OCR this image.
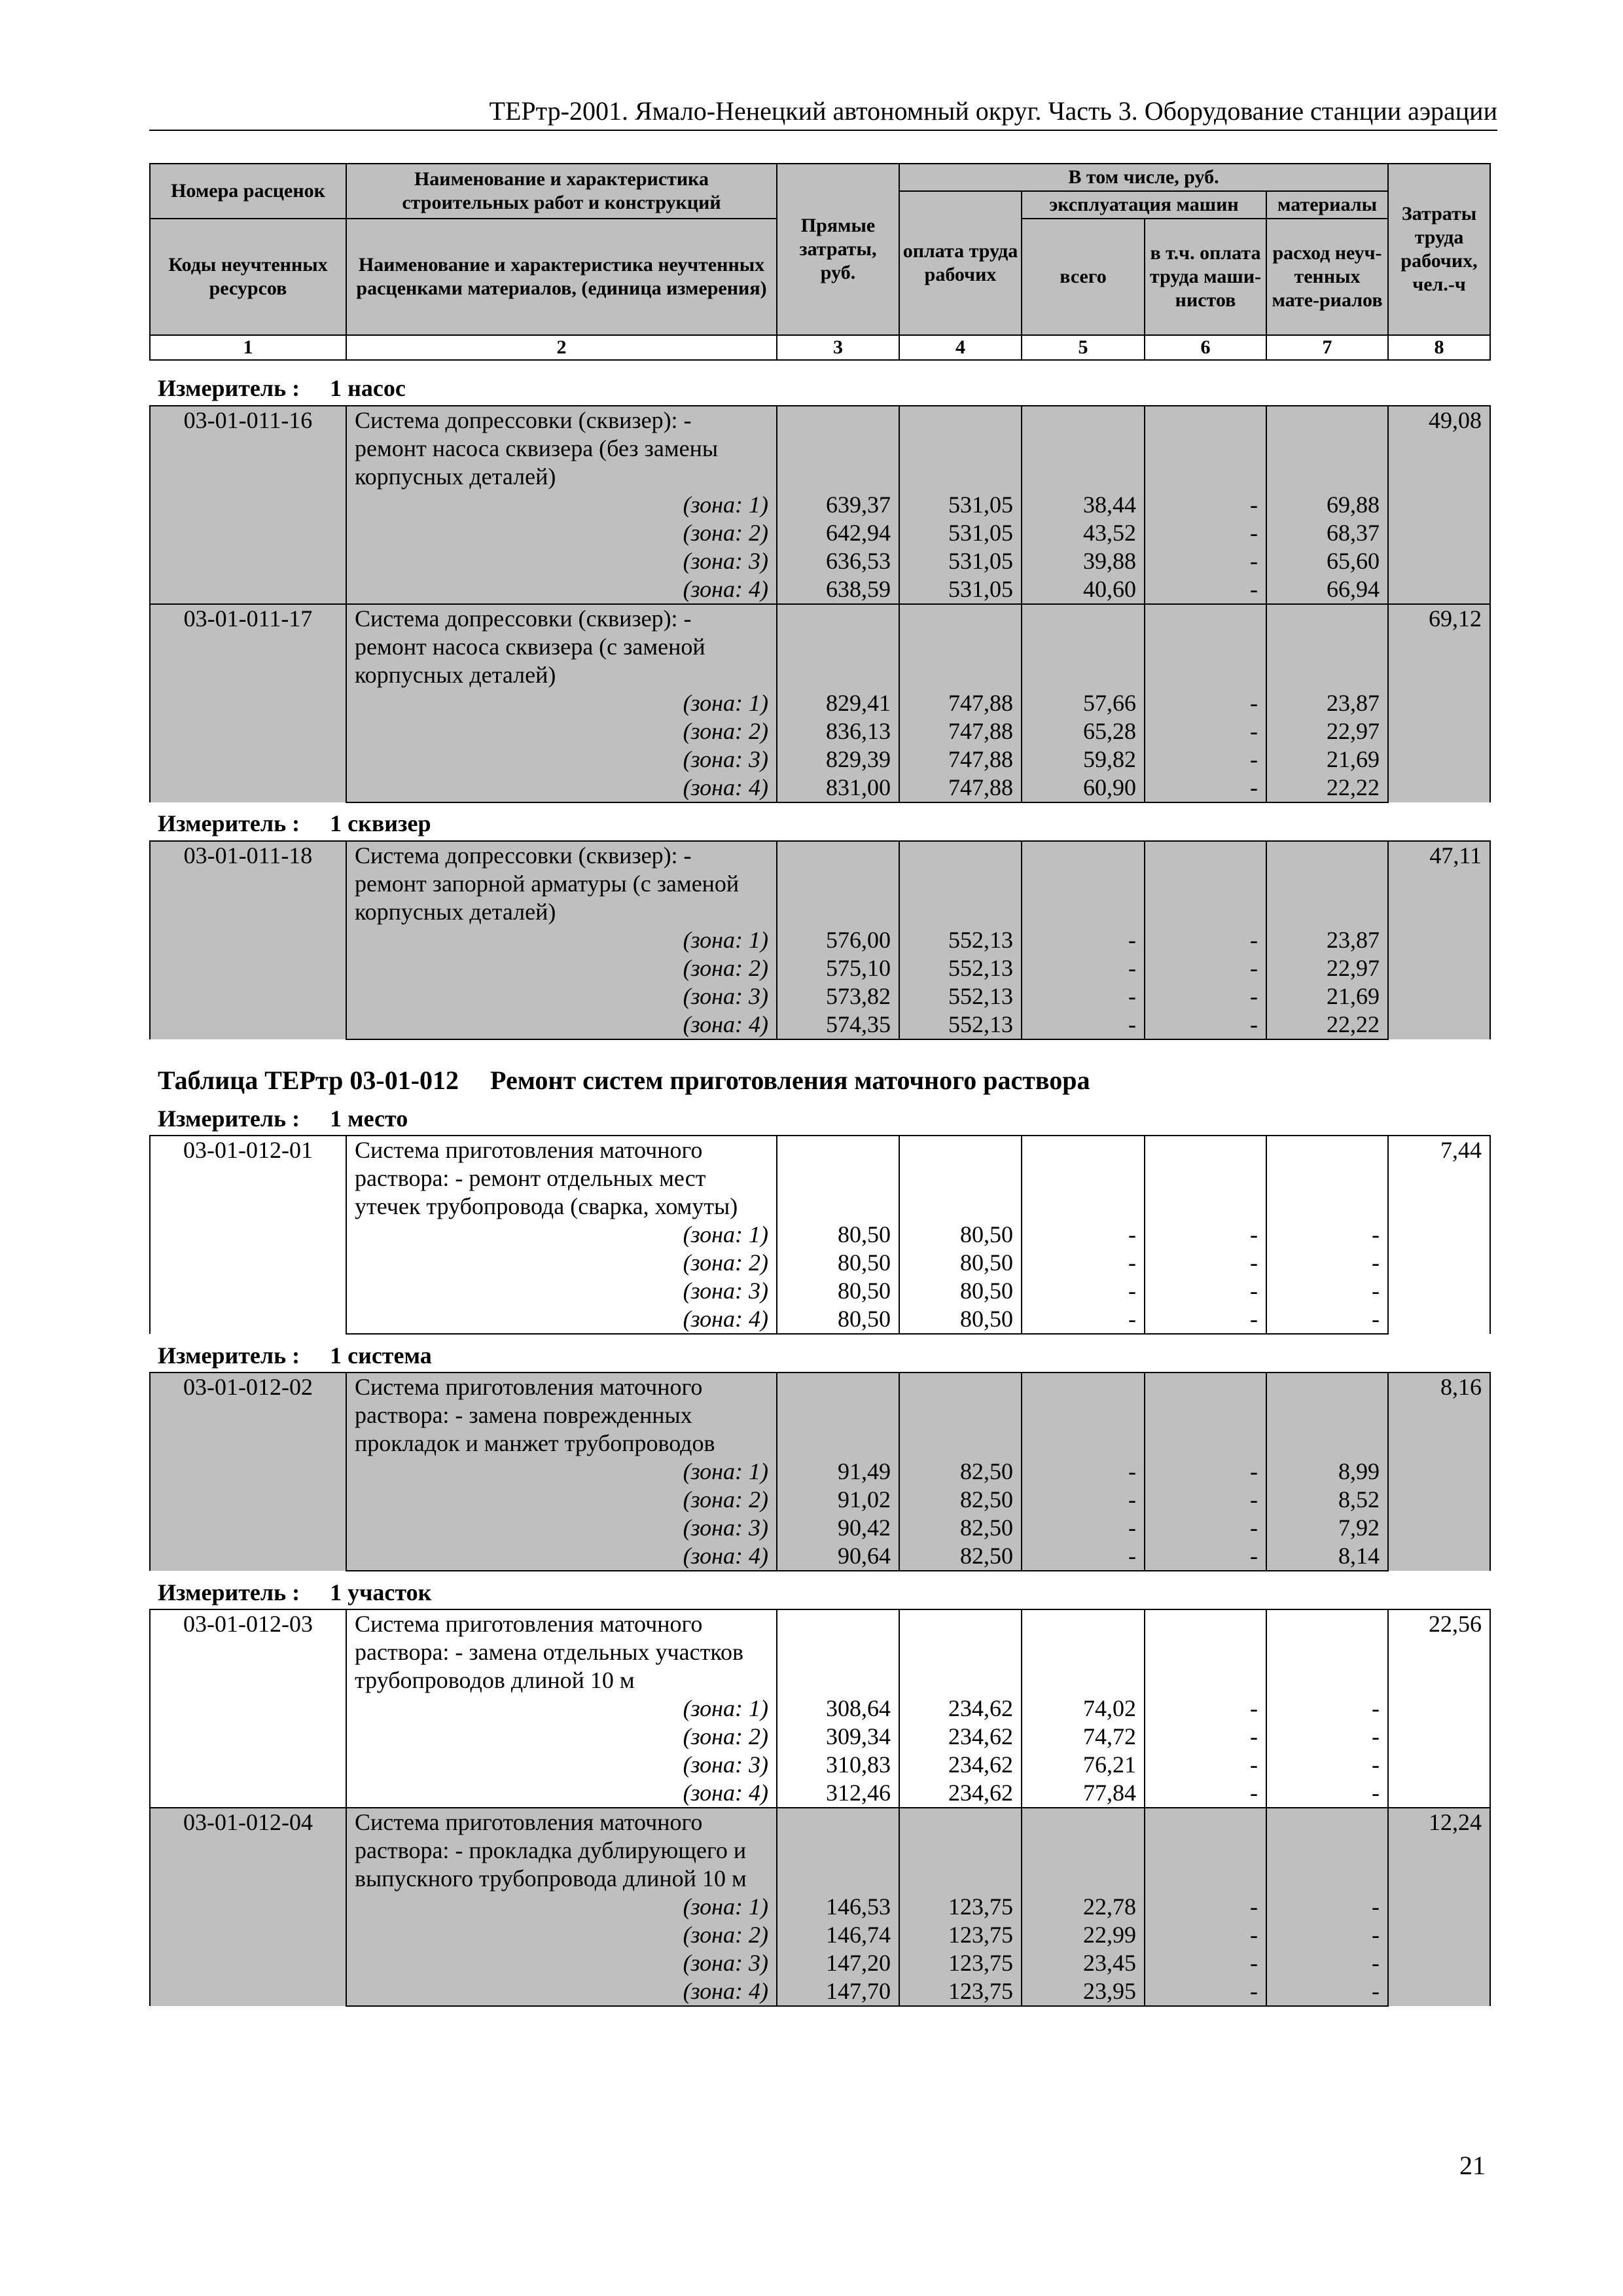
ТЕРтр-2001. Ямало-Ненецкий автономный округ. Часть 3. Оборудование станции аэрации
Номера расценок	Наименование и характеристика строительных работ и конструкций	Прямые затраты, руб.	В том числе, руб.				Затраты труда рабочих, чел.-ч
			оплата труда рабочих	эксплуатация машин		материалы	
Коды неучтенных ресурсов	Наименование и характеристика неучтенных расценками материалов, (единица измерения)			всего	в т.ч. оплата труда маши-нистов	расход неуч-тенных мате-риалов	

1	2	3	4	5	6	7	8
Измеритель : 1 насос
03-01-011-16	Система допрессовки (сквизер): -						49,08
	ремонт насоса сквизера (без замены						
	корпусных деталей)						
	(зона: 1)	639,37	531,05	38,44	-	69,88	
	(зона: 2)	642,94	531,05	43,52	-	68,37	
	(зона: 3)	636,53	531,05	39,88	-	65,60	
	(зона: 4)	638,59	531,05	40,60	-	66,94	
03-01-011-17	Система допрессовки (сквизер): -						69,12
	ремонт насоса сквизера (с заменой						
	корпусных деталей)						
	(зона: 1)	829,41	747,88	57,66	-	23,87	
	(зона: 2)	836,13	747,88	65,28	-	22,97	
	(зона: 3)	829,39	747,88	59,82	-	21,69	
	(зона: 4)	831,00	747,88	60,90	-	22,22	
Измеритель : 1 сквизер
03-01-011-18	Система допрессовки (сквизер): -						47,11
	ремонт запорной арматуры (с заменой						
	корпусных деталей)						
	(зона: 1)	576,00	552,13	-	-	23,87	
	(зона: 2)	575,10	552,13	-	-	22,97	
	(зона: 3)	573,82	552,13	-	-	21,69	
	(зона: 4)	574,35	552,13	-	-	22,22	
Таблица ТЕРтр 03-01-012 Ремонт систем приготовления маточного раствора
Измеритель : 1 место
03-01-012-01	Система приготовления маточного						7,44
	раствора: - ремонт отдельных мест						
	утечек трубопровода (сварка, хомуты)						
	(зона: 1)	80,50	80,50	-	-	-	
	(зона: 2)	80,50	80,50	-	-	-	
	(зона: 3)	80,50	80,50	-	-	-	
	(зона: 4)	80,50	80,50	-	-	-	
Измеритель : 1 система
03-01-012-02	Система приготовления маточного						8,16
	раствора: - замена поврежденных						
	прокладок и манжет трубопроводов						
	(зона: 1)	91,49	82,50	-	-	8,99	
	(зона: 2)	91,02	82,50	-	-	8,52	
	(зона: 3)	90,42	82,50	-	-	7,92	
	(зона: 4)	90,64	82,50	-	-	8,14	
Измеритель : 1 участок
03-01-012-03	Система приготовления маточного						22,56
	раствора: - замена отдельных участков						
	трубопроводов длиной 10 м						
	(зона: 1)	308,64	234,62	74,02	-	-	
	(зона: 2)	309,34	234,62	74,72	-	-	
	(зона: 3)	310,83	234,62	76,21	-	-	
	(зона: 4)	312,46	234,62	77,84	-	-	
03-01-012-04	Система приготовления маточного						12,24
	раствора: - прокладка дублирующего и						
	выпускного трубопровода длиной 10 м						
	(зона: 1)	146,53	123,75	22,78	-	-	
	(зона: 2)	146,74	123,75	22,99	-	-	
	(зона: 3)	147,20	123,75	23,45	-	-	
	(зона: 4)	147,70	123,75	23,95	-	-	
21
